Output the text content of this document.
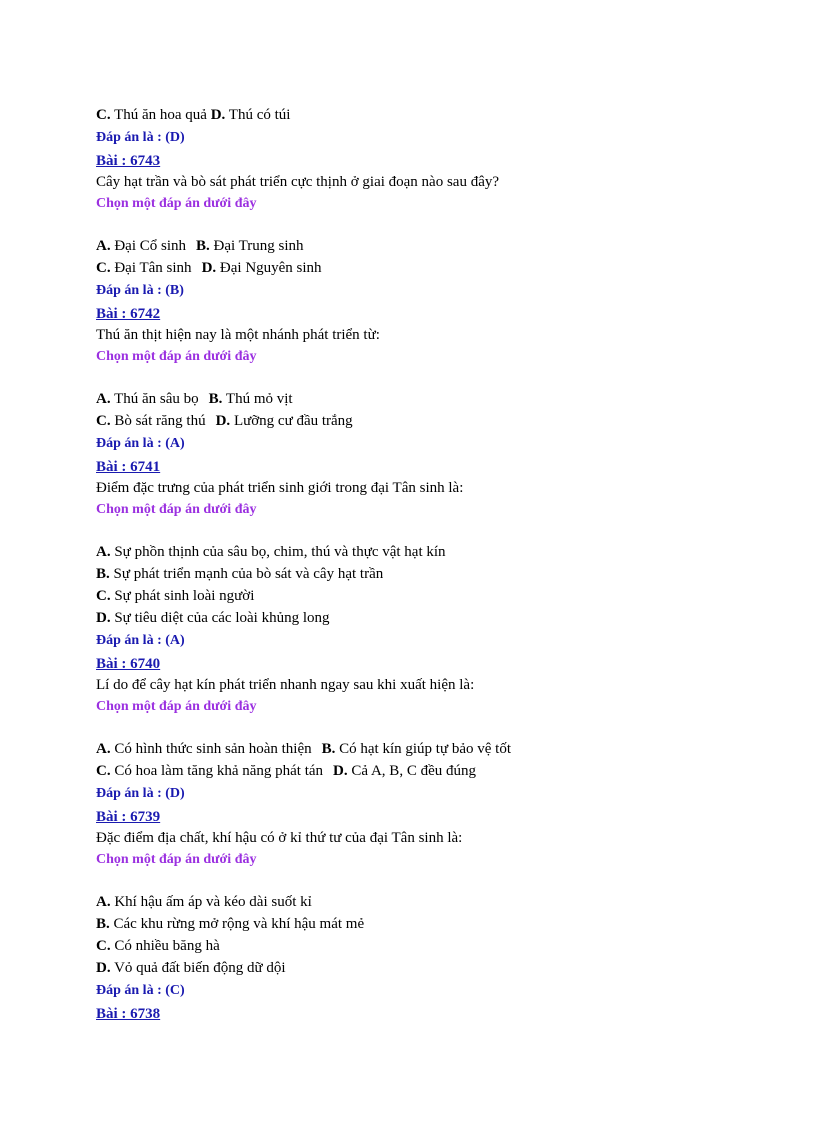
C. Thú ăn hoa quả D. Thú có túi
Đáp án là : (D)
Bài : 6743
Cây hạt trần và bò sát phát triển cực thịnh ở giai đoạn nào sau đây?
Chọn một đáp án dưới đây
A. Đại Cổ sinh B. Đại Trung sinh
C. Đại Tân sinh D. Đại Nguyên sinh
Đáp án là : (B)
Bài : 6742
Thú ăn thịt hiện nay là một nhánh phát triển từ:
Chọn một đáp án dưới đây
A. Thú ăn sâu bọ B. Thú mỏ vịt
C. Bò sát răng thú D. Lưỡng cư đầu trắng
Đáp án là : (A)
Bài : 6741
Điểm đặc trưng của phát triển sinh giới trong đại Tân sinh là:
Chọn một đáp án dưới đây
A. Sự phồn thịnh của sâu bọ, chim, thú và thực vật hạt kín
B. Sự phát triển mạnh của bò sát và cây hạt trần
C. Sự phát sinh loài người
D. Sự tiêu diệt của các loài khủng long
Đáp án là : (A)
Bài : 6740
Lí do để cây hạt kín phát triển nhanh ngay sau khi xuất hiện là:
Chọn một đáp án dưới đây
A. Có hình thức sinh sản hoàn thiện B. Có hạt kín giúp tự bảo vệ tốt
C. Có hoa làm tăng khả năng phát tán D. Cả A, B, C đều đúng
Đáp án là : (D)
Bài : 6739
Đặc điểm địa chất, khí hậu có ở kỉ thứ tư của đại Tân sinh là:
Chọn một đáp án dưới đây
A. Khí hậu ấm áp và kéo dài suốt kỉ
B. Các khu rừng mở rộng và khí hậu mát mẻ
C. Có nhiều băng hà
D. Vỏ quả đất biến động dữ dội
Đáp án là : (C)
Bài : 6738
